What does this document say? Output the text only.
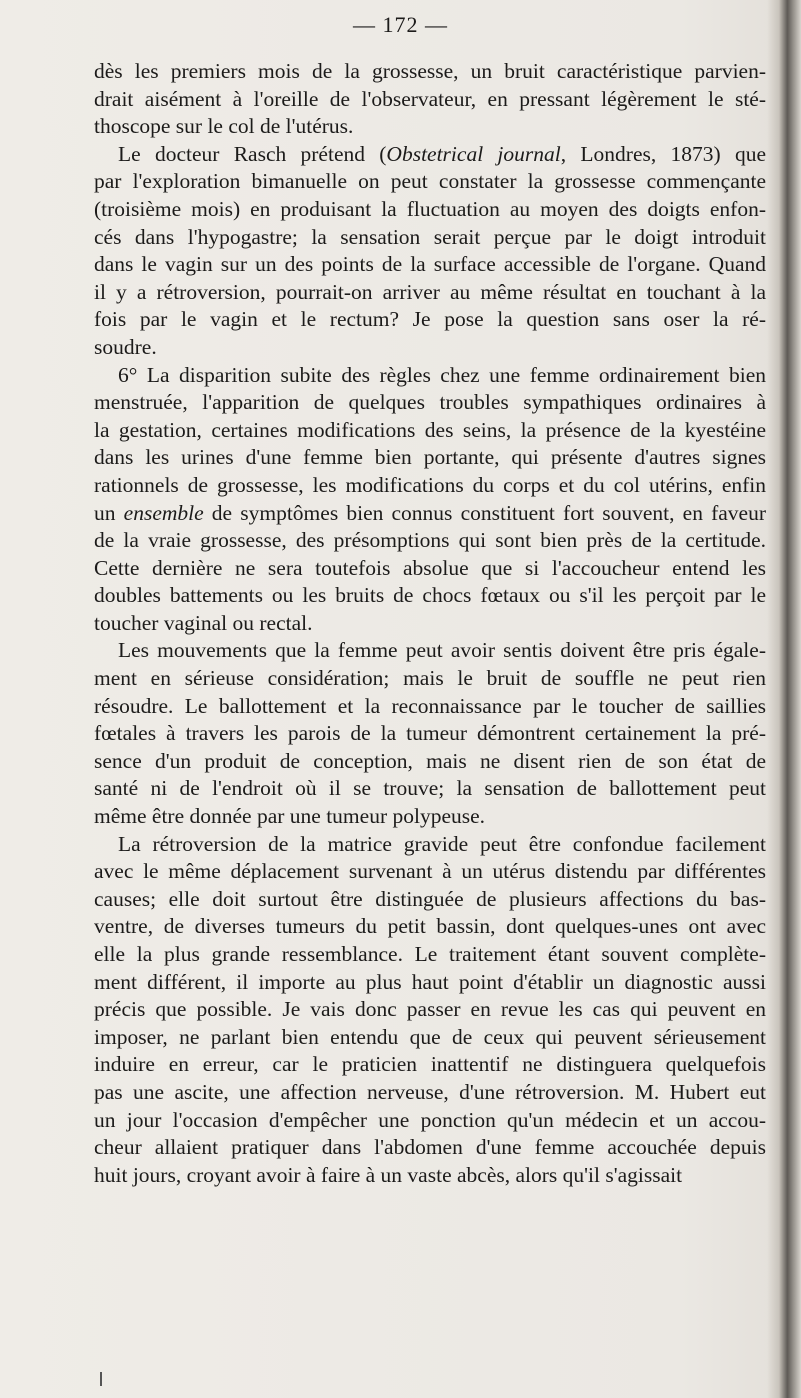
— 172 —

dès les premiers mois de la grossesse, un bruit caractéristique parvien-
drait aisément à l'oreille de l'observateur, en pressant légèrement le sté-
thoscope sur le col de l'utérus.

Le docteur Rasch prétend (Obstetrical journal, Londres, 1873) que
par l'exploration bimanuelle on peut constater la grossesse commençante
(troisième mois) en produisant la fluctuation au moyen des doigts enfon-
cés dans l'hypogastre; la sensation serait perçue par le doigt introduit
dans le vagin sur un des points de la surface accessible de l'organe. Quand
il y a rétroversion, pourrait-on arriver au même résultat en touchant à la
fois par le vagin et le rectum? Je pose la question sans oser la ré-
soudre.

6° La disparition subite des règles chez une femme ordinairement bien
menstruée, l'apparition de quelques troubles sympathiques ordinaires à
la gestation, certaines modifications des seins, la présence de la kyestéine
dans les urines d'une femme bien portante, qui présente d'autres signes
rationnels de grossesse, les modifications du corps et du col utérins, enfin
un ensemble de symptômes bien connus constituent fort souvent, en faveur
de la vraie grossesse, des présomptions qui sont bien près de la certitude.
Cette dernière ne sera toutefois absolue que si l'accoucheur entend les
doubles battements ou les bruits de chocs fœtaux ou s'il les perçoit par le
toucher vaginal ou rectal.

Les mouvements que la femme peut avoir sentis doivent être pris égale-
ment en sérieuse considération; mais le bruit de souffle ne peut rien
résoudre. Le ballottement et la reconnaissance par le toucher de saillies
fœtales à travers les parois de la tumeur démontrent certainement la pré-
sence d'un produit de conception, mais ne disent rien de son état de
santé ni de l'endroit où il se trouve; la sensation de ballottement peut
même être donnée par une tumeur polypeuse.

La rétroversion de la matrice gravide peut être confondue facilement
avec le même déplacement survenant à un utérus distendu par différentes
causes; elle doit surtout être distinguée de plusieurs affections du bas-
ventre, de diverses tumeurs du petit bassin, dont quelques-unes ont avec
elle la plus grande ressemblance. Le traitement étant souvent complète-
ment différent, il importe au plus haut point d'établir un diagnostic aussi
précis que possible. Je vais donc passer en revue les cas qui peuvent en
imposer, ne parlant bien entendu que de ceux qui peuvent sérieusement
induire en erreur, car le praticien inattentif ne distinguera quelquefois
pas une ascite, une affection nerveuse, d'une rétroversion. M. Hubert eut
un jour l'occasion d'empêcher une ponction qu'un médecin et un accou-
cheur allaient pratiquer dans l'abdomen d'une femme accouchée depuis
huit jours, croyant avoir à faire à un vaste abcès, alors qu'il s'agissait
